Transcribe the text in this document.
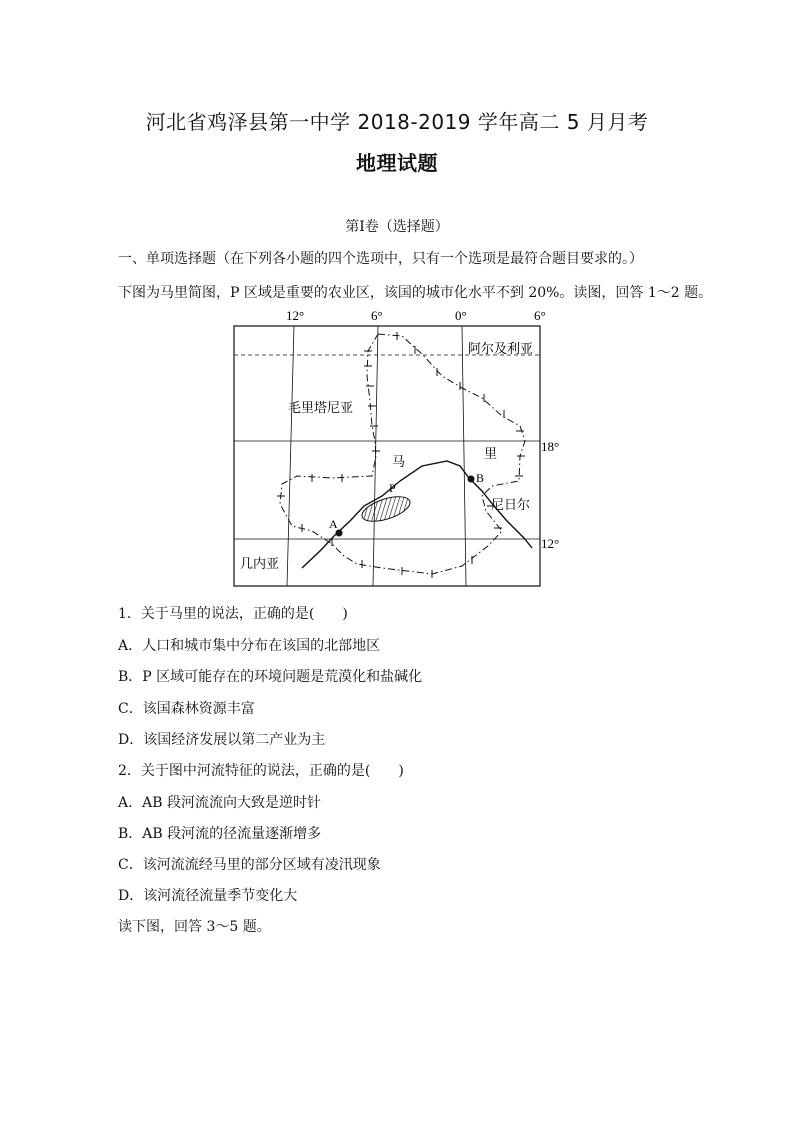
河北省鸡泽县第一中学 2018-2019 学年高二 5 月月考
地理试题
第Ⅰ卷（选择题）
一、单项选择题（在下列各小题的四个选项中，只有一个选项是最符合题目要求的。）
下图为马里简图，P 区域是重要的农业区，该国的城市化水平不到 20%。读图，回答 1～2 题。
12°	6°	0°	6°
18°
12°
阿尔及利亚
毛里塔尼亚
马
里
尼日尔
几内亚
A
B
P
1．关于马里的说法，正确的是(　　)
A．人口和城市集中分布在该国的北部地区
B．P 区域可能存在的环境问题是荒漠化和盐碱化
C．该国森林资源丰富
D．该国经济发展以第二产业为主
2．关于图中河流特征的说法，正确的是(　　)
A．AB 段河流流向大致是逆时针
B．AB 段河流的径流量逐渐增多
C．该河流流经马里的部分区域有凌汛现象
D．该河流径流量季节变化大
读下图，回答 3～5 题。
